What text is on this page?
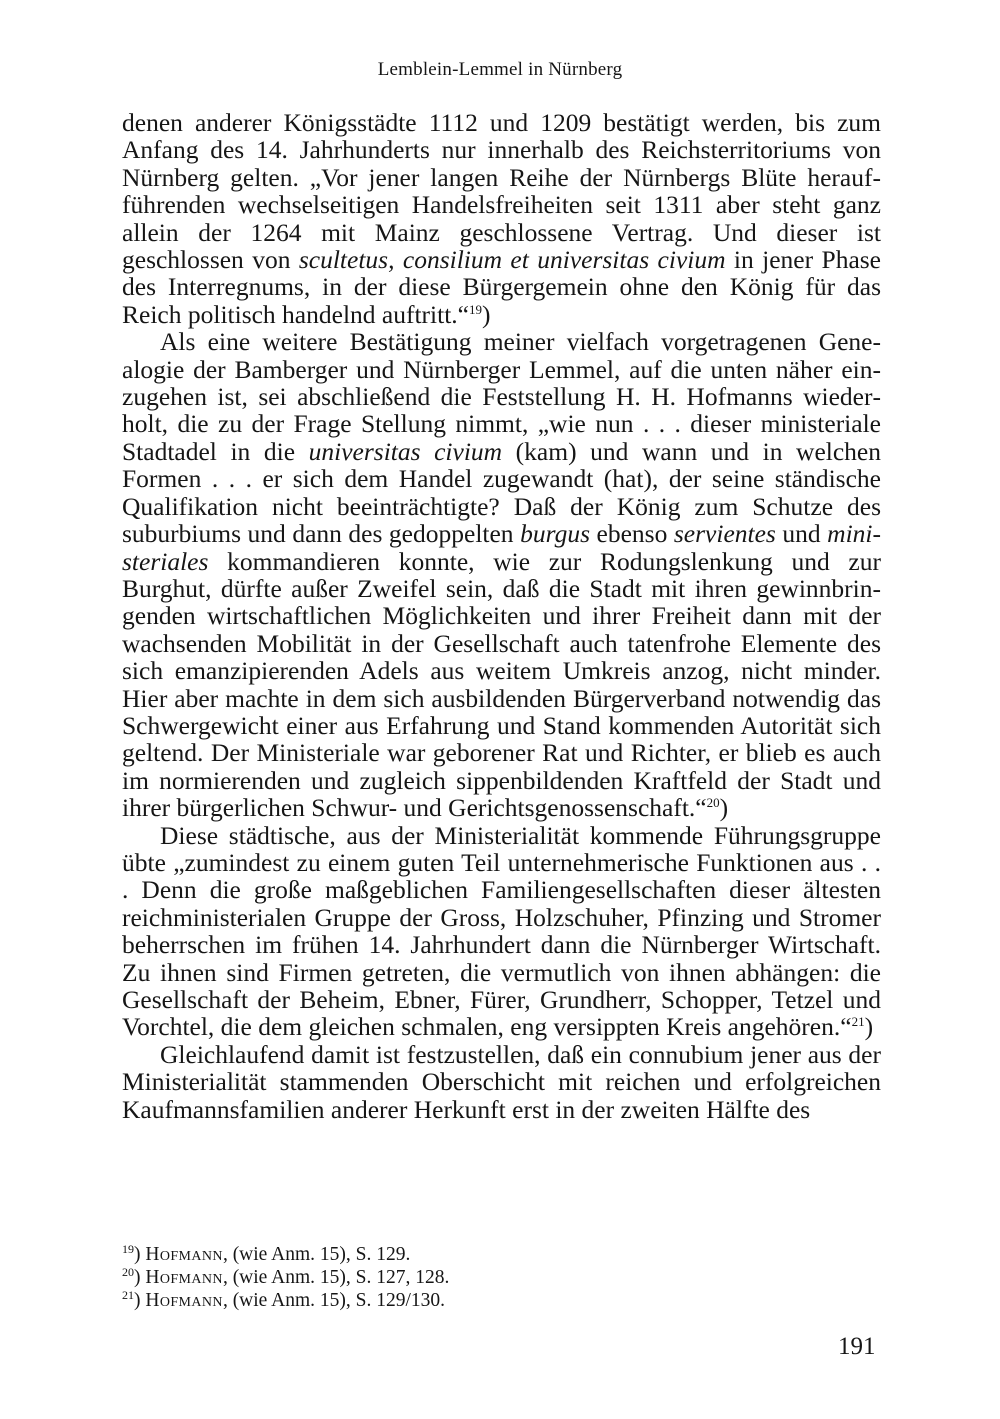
Lemblein-Lemmel in Nürnberg

denen anderer Königsstädte 1112 und 1209 bestätigt werden, bis zum Anfang des 14. Jahrhunderts nur innerhalb des Reichsterritoriums von Nürnberg gelten. „Vor jener langen Reihe der Nürnbergs Blüte heraufführenden wechselseitigen Handelsfreiheiten seit 1311 aber steht ganz allein der 1264 mit Mainz geschlossene Vertrag. Und dieser ist geschlossen von scultetus, consilium et universitas civium in jener Phase des Interregnums, in der diese Bürgergemein ohne den König für das Reich politisch handelnd auftritt.“$^{19}$)

Als eine weitere Bestätigung meiner vielfach vorgetragenen Genealogie der Bamberger und Nürnberger Lemmel, auf die unten näher einzugehen ist, sei abschließend die Feststellung H. H. Hofmanns wiederholt, die zu der Frage Stellung nimmt, „wie nun . . . dieser ministeriale Stadtadel in die universitas civium (kam) und wann und in welchen Formen . . . er sich dem Handel zugewandt (hat), der seine ständische Qualifikation nicht beeinträchtigte? Daß der König zum Schutze des suburbiums und dann des gedoppelten burgus ebenso servientes und ministeriales kommandieren konnte, wie zur Rodungslenkung und zur Burghut, dürfte außer Zweifel sein, daß die Stadt mit ihren gewinnbringenden wirtschaftlichen Möglichkeiten und ihrer Freiheit dann mit der wachsenden Mobilität in der Gesellschaft auch tatenfrohe Elemente des sich emanzipierenden Adels aus weitem Umkreis anzog, nicht minder. Hier aber machte in dem sich ausbildenden Bürgerverband notwendig das Schwergewicht einer aus Erfahrung und Stand kommenden Autorität sich geltend. Der Ministeriale war geborener Rat und Richter, er blieb es auch im normierenden und zugleich sippenbildenden Kraftfeld der Stadt und ihrer bürgerlichen Schwur- und Gerichtsgenossenschaft.“$^{20}$)

Diese städtische, aus der Ministerialität kommende Führungsgruppe übte „zumindest zu einem guten Teil unternehmerische Funktionen aus . . . Denn die große maßgeblichen Familiengesellschaften dieser ältesten reichministerialen Gruppe der Gross, Holzschuher, Pfinzing und Stromer beherrschen im frühen 14. Jahrhundert dann die Nürnberger Wirtschaft. Zu ihnen sind Firmen getreten, die vermutlich von ihnen abhängen: die Gesellschaft der Beheim, Ebner, Fürer, Grundherr, Schopper, Tetzel und Vorchtel, die dem gleichen schmalen, eng versippten Kreis angehören.“$^{21}$)

Gleichlaufend damit ist festzustellen, daß ein connubium jener aus der Ministerialität stammenden Oberschicht mit reichen und erfolgreichen Kaufmannsfamilien anderer Herkunft erst in der zweiten Hälfte des

$^{19}$) Hofmann, (wie Anm. 15), S. 129.

$^{20}$) Hofmann, (wie Anm. 15), S. 127, 128.

$^{21}$) Hofmann, (wie Anm. 15), S. 129/130.

191
